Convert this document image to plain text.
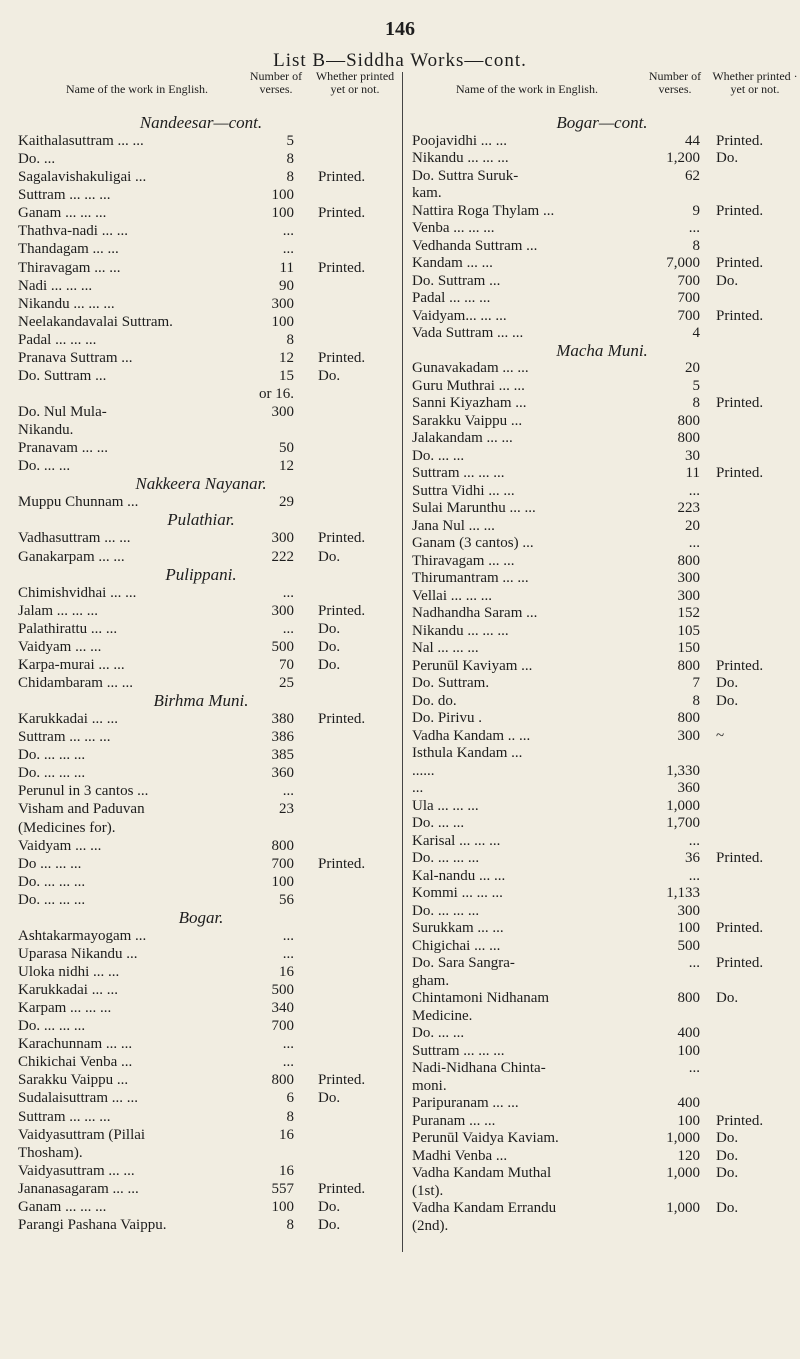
146
List B—Siddha Works—cont.
Name of the work in English.
Number of verses.
Whether printed yet or not.	Name of the work in English.
Number of verses.
Whether printed · yet or not.
Nandeesar—cont.
Kaithalasuttram ... ...	5
Do. ...	8
Sagalavishakuligai ...	8 Printed.
Suttram ... ... ...	100
Ganam ... ... ...	100 Printed.
Thathva-nadi ... ...	...
Thandagam ... ...	...
Thiravagam ... ...	11 Printed.
Nadi ... ... ...	90
Nikandu ... ... ...	300
Neelakandavalai Suttram.	100
Padal ... ... ...	8
Pranava Suttram ...	12 Printed.
Do. Suttram ...	15 Do.
or 16.
Do. Nul Mula-	300
Nikandu.
Pranavam ... ...	50
Do. ... ...	12
Nakkeera Nayanar.
Muppu Chunnam ...	29
Pulathiar.
Vadhasuttram ... ...	300 Printed.
Ganakarpam ... ...	222 Do.
Pulippani.
Chimishvidhai ... ...	...
Jalam ... ... ...	300 Printed.
Palathirattu ... ...	... Do.
Vaidyam ... ...	500 Do.
Karpa-murai ... ...	70 Do.
Chidambaram ... ...	25
Birhma Muni.
Karukkadai ... ...	380 Printed.
Suttram ... ... ...	386
Do. ... ... ...	385
Do. ... ... ...	360
Perunul in 3 cantos ...	...
Visham and Paduvan	23
(Medicines for).
Vaidyam ... ...	800
Do ... ... ...	700 Printed.
Do. ... ... ...	100
Do. ... ... ...	56
Bogar.
Ashtakarmayogam ...	...
Uparasa Nikandu ...	...
Uloka nidhi ... ...	16
Karukkadai ... ...	500
Karpam ... ... ...	340
Do. ... ... ...	700
Karachunnam ... ...	...
Chikichai Venba ...	...
Sarakku Vaippu ...	800 Printed.
Sudalaisuttram ... ...	6 Do.
Suttram ... ... ...	8
Vaidyasuttram (Pillai	16
Thosham).
Vaidyasuttram ... ...	16
Jananasagaram ... ...	557 Printed.
Ganam ... ... ...	100 Do.
Parangi Pashana Vaippu.	8 Do.
Bogar—cont.
Poojavidhi ... ...	44 Printed.
Nikandu ... ... ...	1,200 Do.
Do. Suttra Suruk-	62
kam.
Nattira Roga Thylam ...	9 Printed.
Venba ... ... ...	...
Vedhanda Suttram ...	8
Kandam ... ...	7,000 Printed.
Do. Suttram ...	700 Do.
Padal ... ... ...	700
Vaidyam... ... ...	700 Printed.
Vada Suttram ... ...	4
Macha Muni.
Gunavakadam ... ...	20
Guru Muthrai ... ...	5
Sanni Kiyazham ...	8 Printed.
Sarakku Vaippu ...	800
Jalakandam ... ...	800
Do. ... ...	30
Suttram ... ... ...	11 Printed.
Suttra Vidhi ... ...	...
Sulai Marunthu ... ...	223
Jana Nul ... ...	20
Ganam (3 cantos) ...	...
Thiravagam ... ...	800
Thirumantram ... ...	300
Vellai ... ... ...	300
Nadhandha Saram ...	152
Nikandu ... ... ...	105
Nal ... ... ...	150
Perunūl Kaviyam ...	800 Printed.
Do. Suttram.	7 Do.
Do. do.	8 Do.
Do. Pirivu .	800
Vadha Kandam .. ...	300 ~
Isthula Kandam ...
......	1,330
...	360
Ula ... ... ...	1,000
Do. ... ...	1,700
Karisal ... ... ...	...
Do. ... ... ...	36 Printed.
Kal-nandu ... ...	...
Kommi ... ... ...	1,133
Do. ... ... ...	300
Surukkam ... ...	100 Printed.
Chigichai ... ...	500
Do. Sara Sangra-	... Printed.
gham.
Chintamoni Nidhanam	800 Do.
Medicine.
Do. ... ...	400
Suttram ... ... ...	100
Nadi-Nidhana Chinta-	...
moni.
Paripuranam ... ...	400
Puranam ... ...	100 Printed.
Perunūl Vaidya Kaviam.	1,000 Do.
Madhi Venba ...	120 Do.
Vadha Kandam Muthal	1,000 Do.
(1st).
Vadha Kandam Errandu	1,000 Do.
(2nd).
